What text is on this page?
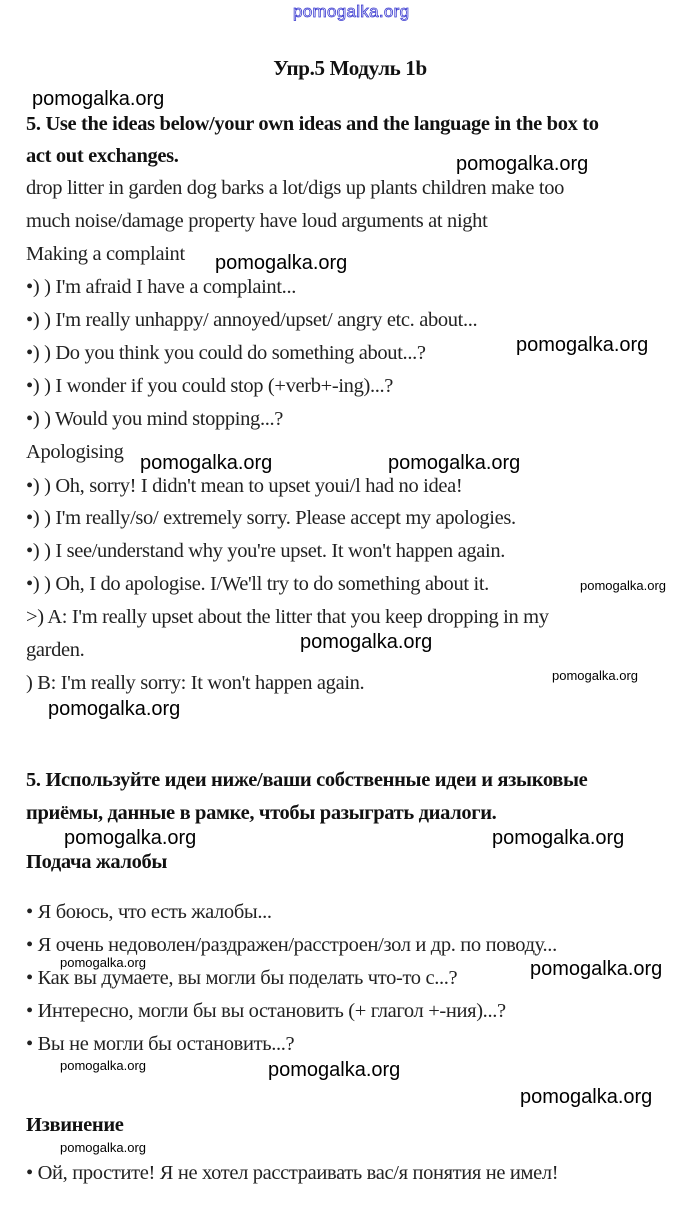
pomogalka.org
Упр.5 Модуль 1b
5. Use the ideas below/your own ideas and the language in the box to
act out exchanges.
drop litter in garden dog barks a lot/digs up plants children make too
much noise/damage property have loud arguments at night
Making a complaint
•) ) I'm afraid I have a complaint...
•) ) I'm really unhappy/ annoyed/upset/ angry etc. about...
•) ) Do you think you could do something about...?
•) ) I wonder if you could stop (+verb+-ing)...?
•) ) Would you mind stopping...?
Apologising
•) ) Oh, sorry! I didn't mean to upset youi/l had no idea!
•) ) I'm really/so/ extremely sorry. Please accept my apologies.
•) ) I see/understand why you're upset. It won't happen again.
•) ) Oh, I do apologise. I/We'll try to do something about it.
>) A: I'm really upset about the litter that you keep dropping in my
garden.
) B: I'm really sorry: It won't happen again.
5. Используйте идеи ниже/ваши собственные идеи и языковые
приёмы, данные в рамке, чтобы разыграть диалоги.
Подача жалобы
• Я боюсь, что есть жалобы...
• Я очень недоволен/раздражен/расстроен/зол и др. по поводу...
• Как вы думаете, вы могли бы поделать что-то с...?
• Интересно, могли бы вы остановить (+ глагол +-ния)...?
• Вы не могли бы остановить...?
Извинение
• Ой, простите! Я не хотел расстраивать вас/я понятия не имел!
pomogalka.org
pomogalka.org
pomogalka.org
pomogalka.org
pomogalka.org	pomogalka.org
pomogalka.org
pomogalka.org
pomogalka.org
pomogalka.org
pomogalka.org	pomogalka.org
pomogalka.org	pomogalka.org
pomogalka.org	pomogalka.org
pomogalka.org
pomogalka.org
